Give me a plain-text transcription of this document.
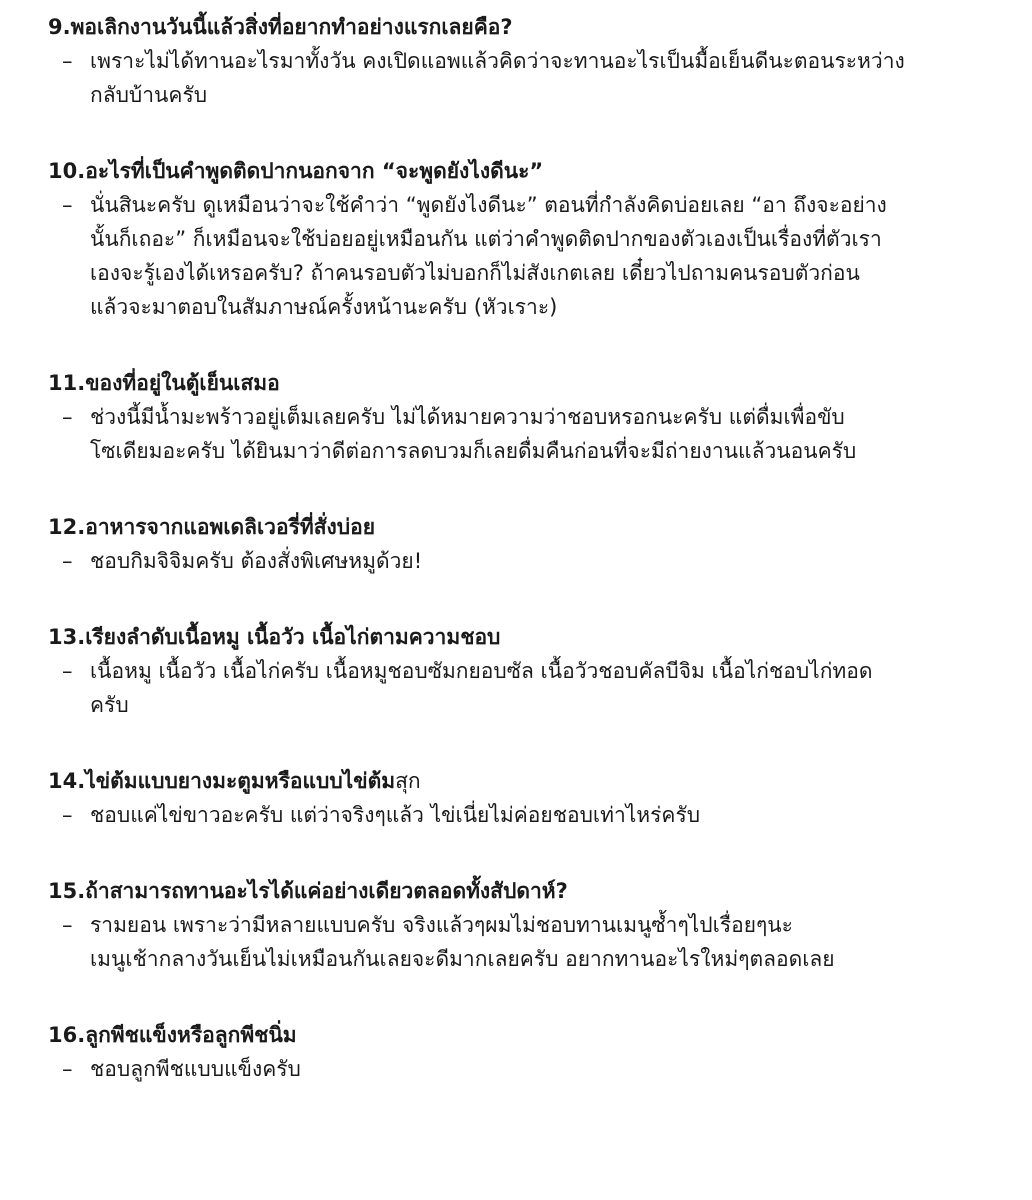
9.พอเลิกงานวันนี้แล้วสิ่งที่อยากทำอย่างแรกเลยคือ?

– เพราะไม่ได้ทานอะไรมาทั้งวัน คงเปิดแอพแล้วคิดว่าจะทานอะไรเป็นมื้อเย็นดีนะตอนระหว่าง
กลับบ้านครับ

10.อะไรที่เป็นคำพูดติดปากนอกจาก “จะพูดยังไงดีนะ”

– นั่นสินะครับ ดูเหมือนว่าจะใช้คำว่า “พูดยังไงดีนะ” ตอนที่กำลังคิดบ่อยเลย “อา ถึงจะอย่าง
นั้นก็เถอะ” ก็เหมือนจะใช้บ่อยอยู่เหมือนกัน แต่ว่าคำพูดติดปากของตัวเองเป็นเรื่องที่ตัวเรา
เองจะรู้เองได้เหรอครับ? ถ้าคนรอบตัวไม่บอกก็ไม่สังเกตเลย เดี๋ยวไปถามคนรอบตัวก่อน
แล้วจะมาตอบในสัมภาษณ์ครั้งหน้านะครับ (หัวเราะ)

11.ของที่อยู่ในตู้เย็นเสมอ

– ช่วงนี้มีน้ำมะพร้าวอยู่เต็มเลยครับ ไม่ได้หมายความว่าชอบหรอกนะครับ แต่ดื่มเพื่อขับ
โซเดียมอะครับ ได้ยินมาว่าดีต่อการลดบวมก็เลยดื่มคืนก่อนที่จะมีถ่ายงานแล้วนอนครับ

12.อาหารจากแอพเดลิเวอรี่ที่สั่งบ่อย

– ชอบกิมจิจิมครับ ต้องสั่งพิเศษหมูด้วย!

13.เรียงลำดับเนื้อหมู เนื้อวัว เนื้อไก่ตามความชอบ

– เนื้อหมู เนื้อวัว เนื้อไก่ครับ เนื้อหมูชอบซัมกยอบซัล เนื้อวัวชอบคัลบีจิม เนื้อไก่ชอบไก่ทอด
ครับ

14.ไข่ต้มแบบยางมะตูมหรือแบบไข่ต้มสุก

– ชอบแค่ไข่ขาวอะครับ แต่ว่าจริงๆแล้ว ไข่เนี่ยไม่ค่อยชอบเท่าไหร่ครับ

15.ถ้าสามารถทานอะไรได้แค่อย่างเดียวตลอดทั้งสัปดาห์?

– รามยอน เพราะว่ามีหลายแบบครับ จริงแล้วๆผมไม่ชอบทานเมนูซ้ำๆไปเรื่อยๆนะ
เมนูเช้ากลางวันเย็นไม่เหมือนกันเลยจะดีมากเลยครับ อยากทานอะไรใหม่ๆตลอดเลย

16.ลูกพีชแข็งหรือลูกพีชนิ่ม

– ชอบลูกพีชแบบแข็งครับ
